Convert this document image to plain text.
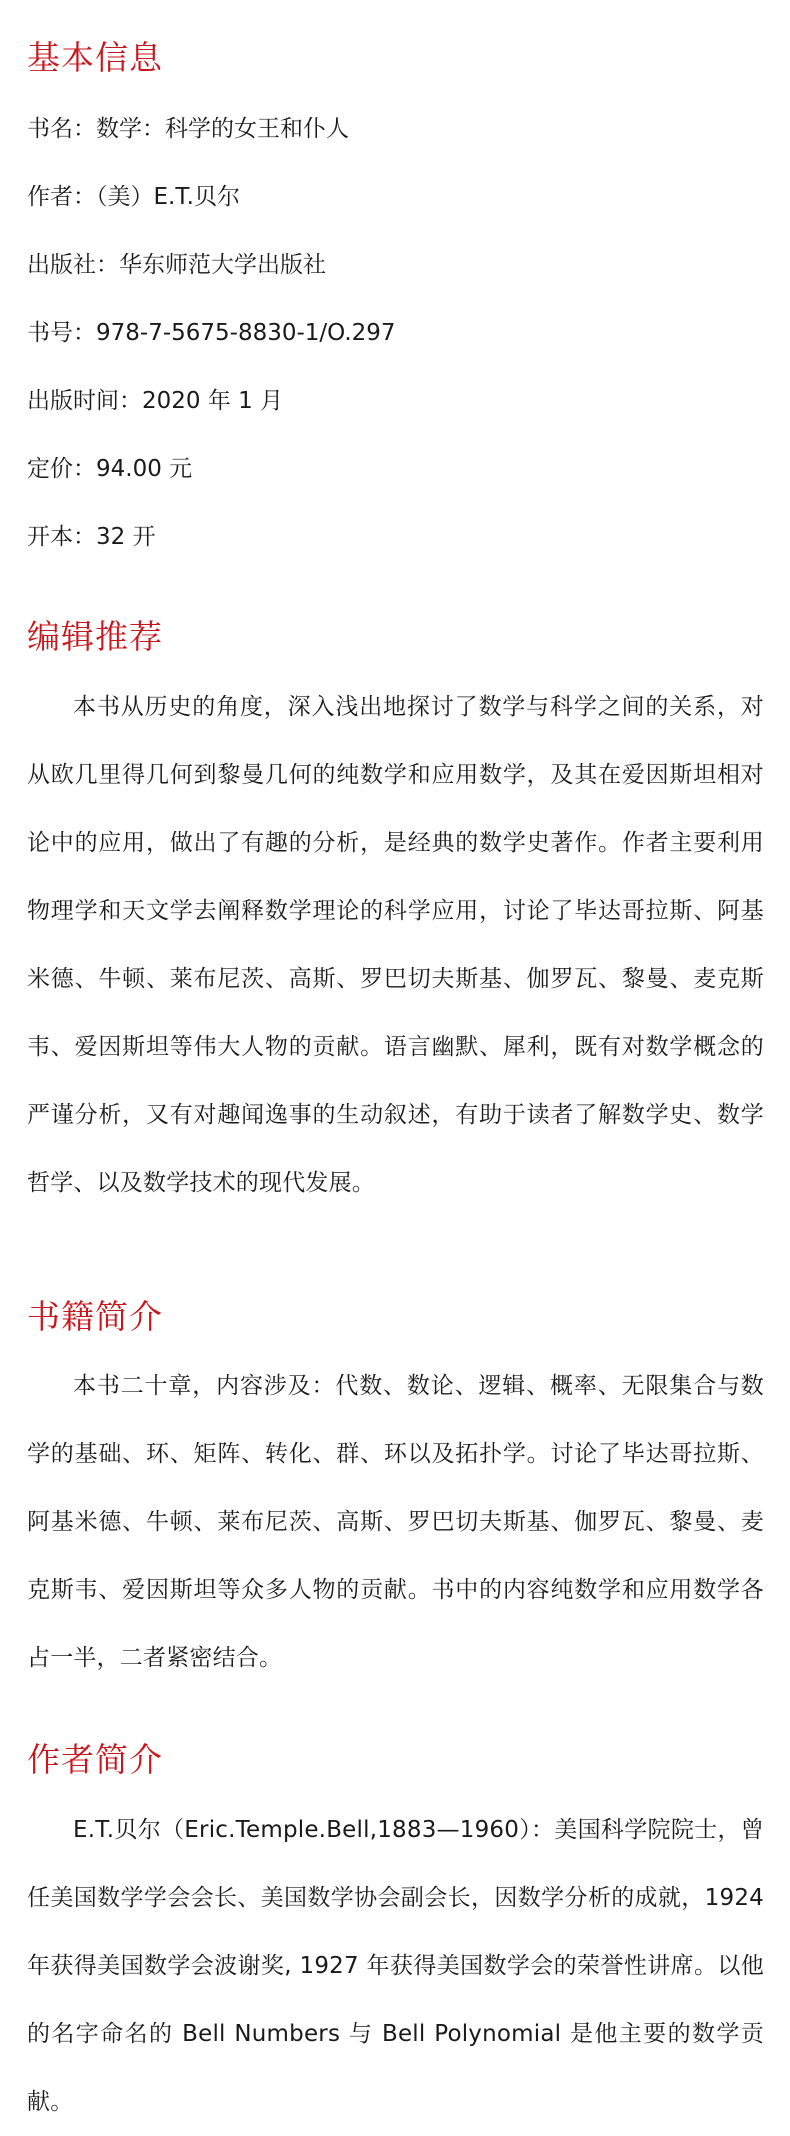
基本信息

书名：数学：科学的女王和仆人

作者：（美）E.T.贝尔

出版社：华东师范大学出版社

书号：978-7-5675-8830-1/O.297

出版时间：2020 年 1 月

定价：94.00 元

开本：32 开

编辑推荐

本书从历史的角度，深入浅出地探讨了数学与科学之间的关系，对从欧几里得几何到黎曼几何的纯数学和应用数学，及其在爱因斯坦相对论中的应用，做出了有趣的分析，是经典的数学史著作。作者主要利用物理学和天文学去阐释数学理论的科学应用，讨论了毕达哥拉斯、阿基米德、牛顿、莱布尼茨、高斯、罗巴切夫斯基、伽罗瓦、黎曼、麦克斯韦、爱因斯坦等伟大人物的贡献。语言幽默、犀利，既有对数学概念的严谨分析，又有对趣闻逸事的生动叙述，有助于读者了解数学史、数学哲学、以及数学技术的现代发展。

书籍简介

本书二十章，内容涉及：代数、数论、逻辑、概率、无限集合与数学的基础、环、矩阵、转化、群、环以及拓扑学。讨论了毕达哥拉斯、阿基米德、牛顿、莱布尼茨、高斯、罗巴切夫斯基、伽罗瓦、黎曼、麦克斯韦、爱因斯坦等众多人物的贡献。书中的内容纯数学和应用数学各占一半，二者紧密结合。

作者简介

E.T.贝尔（Eric.Temple.Bell,1883—1960）：美国科学院院士，曾任美国数学学会会长、美国数学协会副会长，因数学分析的成就，1924 年获得美国数学会波谢奖, 1927 年获得美国数学会的荣誉性讲席。以他的名字命名的 Bell Numbers 与 Bell Polynomial 是他主要的数学贡献。
